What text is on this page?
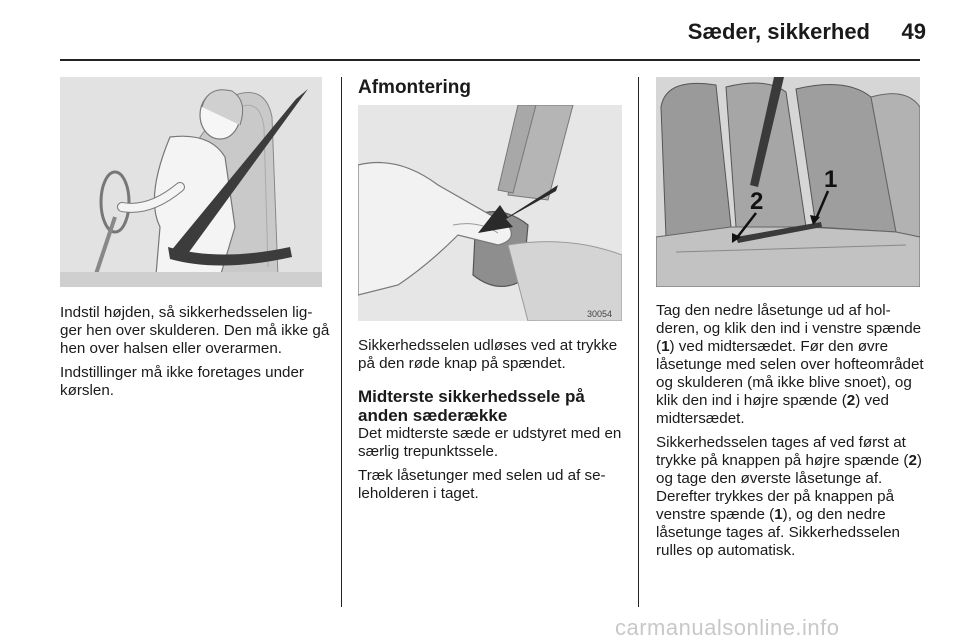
Sæder, sikkerhed	49

Indstil højden, så sikkerhedsselen lig-ger hen over skulderen. Den må ikke gå hen over halsen eller overarmen.

Indstillinger må ikke foretages under kørslen.

Afmontering
30054

Sikkerhedsselen udløses ved at trykke på den røde knap på spændet.

Midterste sikkerhedssele på anden sæderække

Det midterste sæde er udstyret med en særlig trepunktssele.

Træk låsetunger med selen ud af se-leholderen i taget.

2
1

Tag den nedre låsetunge ud af hol-deren, og klik den ind i venstre spænde (1) ved midtersædet. Før den øvre låsetunge med selen over hofteområdet og skulderen (må ikke blive snoet), og klik den ind i højre spænde (2) ved midtersædet.

Sikkerhedsselen tages af ved først at trykke på knappen på højre spænde (2) og tage den øverste låsetunge af. Derefter trykkes der på knappen på venstre spænde (1), og den nedre låsetunge tages af. Sikkerhedsselen rulles op automatisk.

carmanualsonline.info
